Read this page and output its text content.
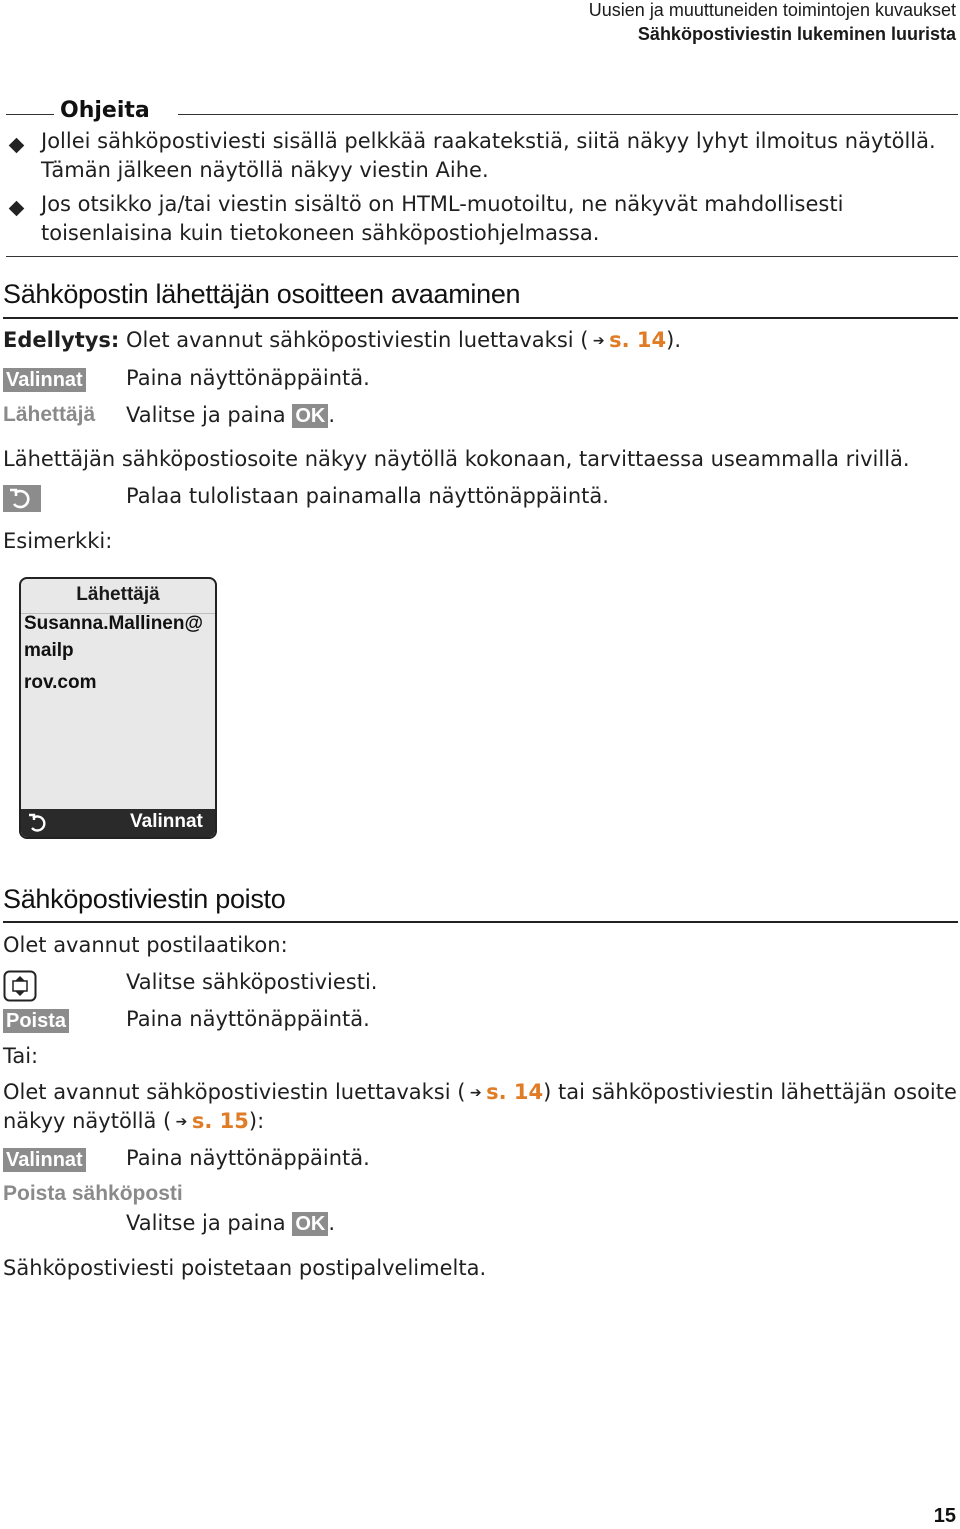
Uusien ja muuttuneiden toimintojen kuvaukset
Sähköpostiviestin lukeminen luurista
Ohjeita
Jollei sähköpostiviesti sisällä pelkkää raakatekstiä, siitä näkyy lyhyt ilmoitus näytöllä.
Tämän jälkeen näytöllä näkyy viestin Aihe.
Jos otsikko ja/tai viestin sisältö on HTML-muotoiltu, ne näkyvät mahdollisesti
toisenlaisina kuin tietokoneen sähköpostiohjelmassa.
Sähköpostin lähettäjän osoitteen avaaminen
Edellytys: Olet avannut sähköpostiviestin luettavaksi ( ➔ s. 14).
Valinnat Paina näyttönäppäintä.
Lähettäjä Valitse ja paina OK .
Lähettäjän sähköpostiosoite näkyy näytöllä kokonaan, tarvittaessa useammalla rivillä.
Palaa tulolistaan painamalla näyttönäppäintä.
Esimerkki:
Lähettäjä
Susanna.Mallinen@
mailp
rov.com
Valinnat
Sähköpostiviestin poisto
Olet avannut postilaatikon:
Valitse sähköpostiviesti.
Poista	Paina näyttönäppäintä.
Tai:
Olet avannut sähköpostiviestin luettavaksi ( ➔ s. 14) tai sähköpostiviestin lähettäjän osoite
näkyy näytöllä ( ➔ s. 15):
Valinnat Paina näyttönäppäintä.
Poista sähköposti
Valitse ja paina OK .
Sähköpostiviesti poistetaan postipalvelimelta.
15
